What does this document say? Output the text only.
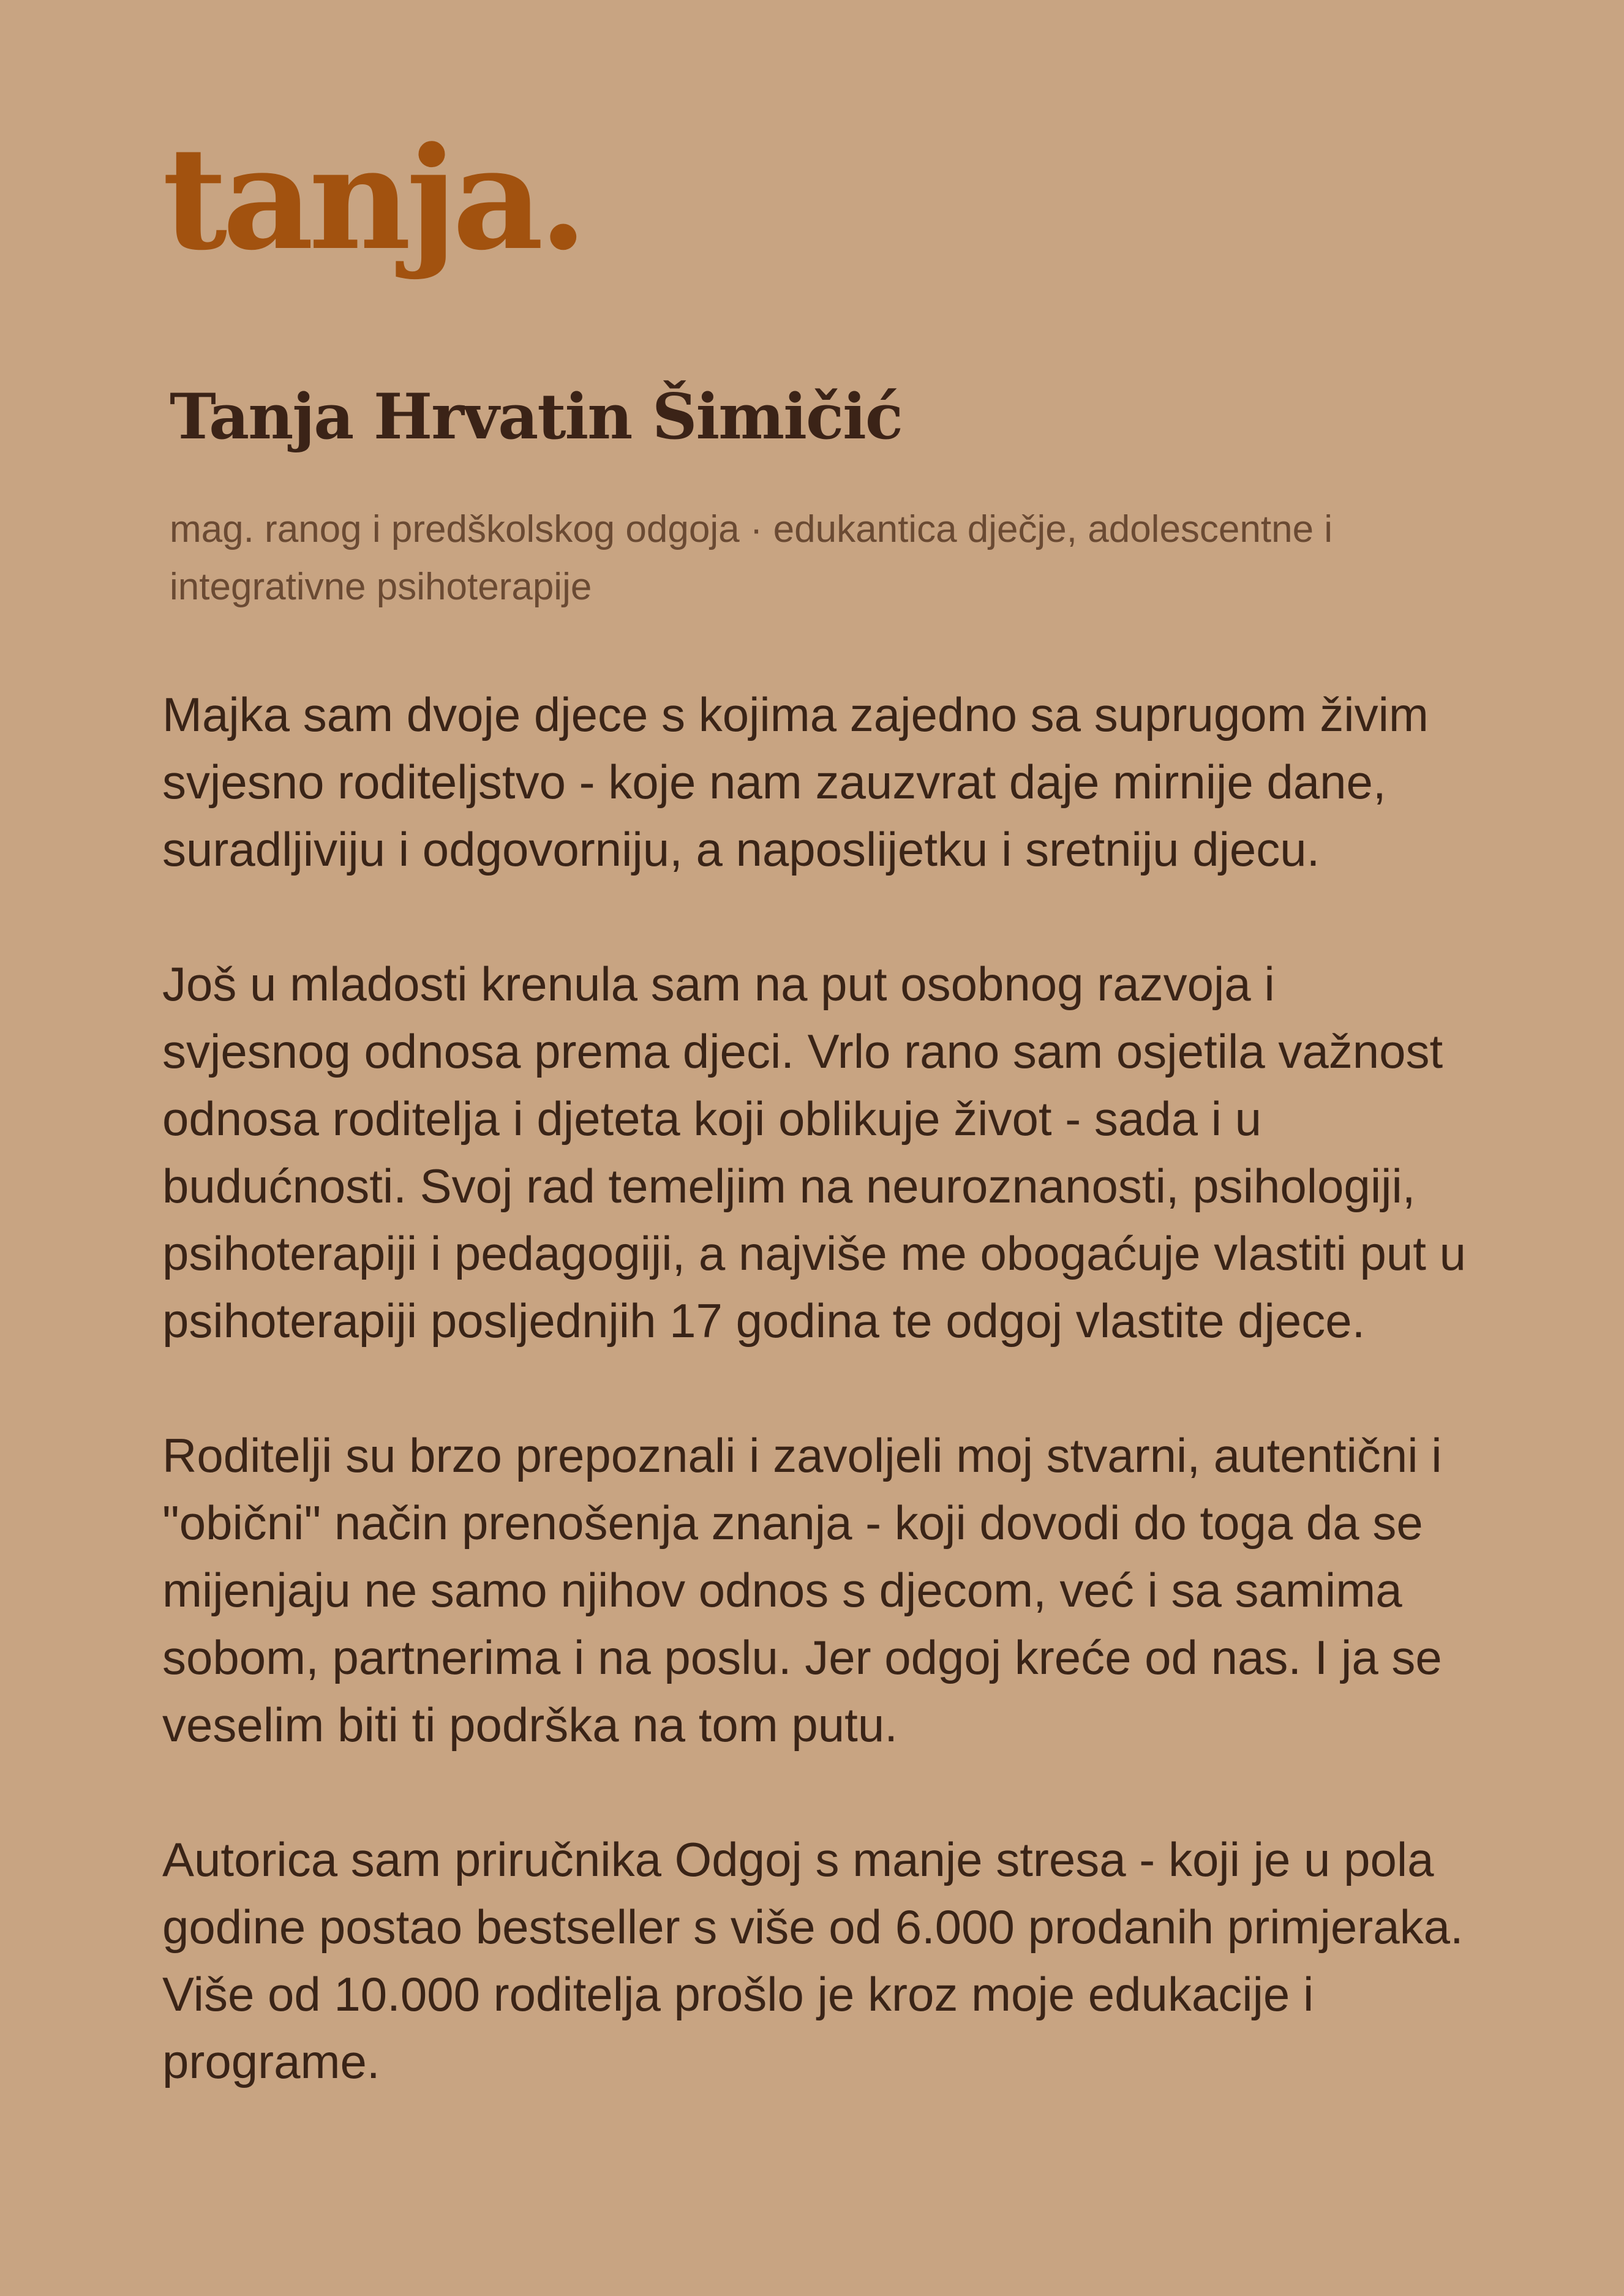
tanja.
Tanja Hrvatin Šimičić

mag. ranog i predškolskog odgoja · edukantica dječje, adolescentne i integrativne psihoterapije

Majka sam dvoje djece s kojima zajedno sa suprugom živim svjesno roditeljstvo - koje nam zauzvrat daje mirnije dane, suradljiviju i odgovorniju, a naposlijetku i sretniju djecu.

Još u mladosti krenula sam na put osobnog razvoja i svjesnog odnosa prema djeci. Vrlo rano sam osjetila važnost odnosa roditelja i djeteta koji oblikuje život - sada i u budućnosti. Svoj rad temeljim na neuroznanosti, psihologiji, psihoterapiji i pedagogiji, a najviše me obogaćuje vlastiti put u psihoterapiji posljednjih 17 godina te odgoj vlastite djece.

Roditelji su brzo prepoznali i zavoljeli moj stvarni, autentični i "obični" način prenošenja znanja - koji dovodi do toga da se mijenjaju ne samo njihov odnos s djecom, već i sa samima sobom, partnerima i na poslu. Jer odgoj kreće od nas. I ja se veselim biti ti podrška na tom putu.

Autorica sam priručnika Odgoj s manje stresa - koji je u pola godine postao bestseller s više od 6.000 prodanih primjeraka. Više od 10.000 roditelja prošlo je kroz moje edukacije i programe.
